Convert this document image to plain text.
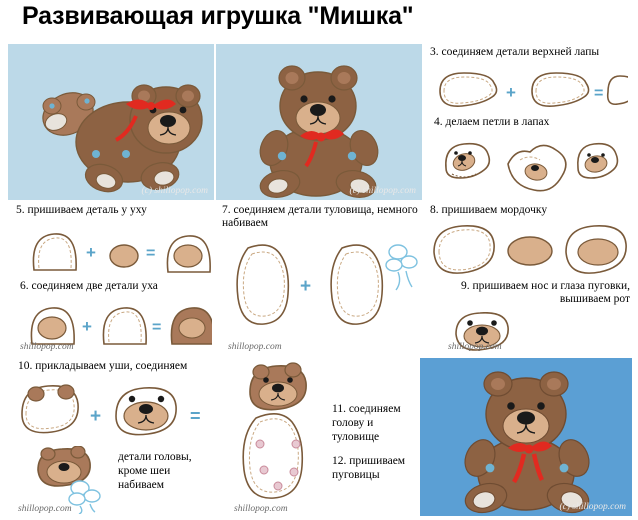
Развивающая игрушка "Мишка"
(c) shillopop.com	(c) shillopop.com
3. соединяем детали верхней лапы
+	=
4. делаем петли в лапах
5. пришиваем деталь у уху
+	=
6. соединяем две детали уха
+	=
shillopop.com
7. соединяем детали туловища, немного набиваем
+
shillopop.com
8. пришиваем мордочку
9. пришиваем нос и глаза пуговки, вышиваем рот
shillopop.com
10. прикладываем уши, соединяем
+	=
детали головы, кроме шеи набиваем
shillopop.com
11. соединяем голову и туловище
12. пришиваем пуговицы
shillopop.com	(c) shillopop.com
